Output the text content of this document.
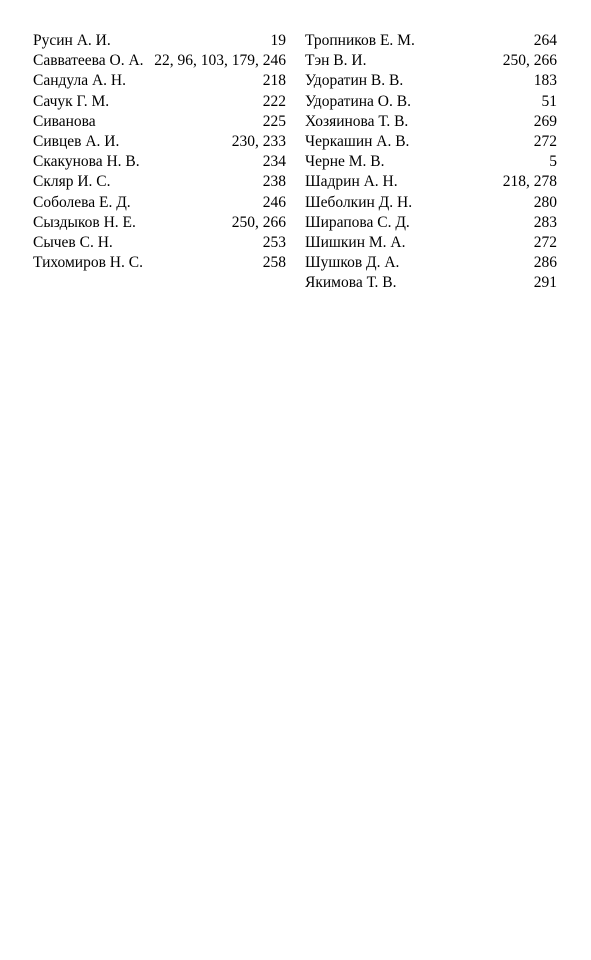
Русин А. И.	19
Савватеева О. А. 22, 96, 103, 179, 246
Сандула А. Н.	218
Сачук Г. М.	222
Сиванова	225
Сивцев А. И.	230, 233
Скакунова Н. В.	234
Скляр И. С.	238
Соболева Е. Д.	246
Сыздыков Н. Е.	250, 266
Сычев С. Н.	253
Тихомиров Н. С.	258
Тропников Е. М.	264
Тэн В. И.	250, 266
Удоратин В. В.	183
Удоратина О. В.	51
Хозяинова Т. В.	269
Черкашин А. В.	272
Черне М. В.	5
Шадрин А. Н.	218, 278
Шеболкин Д. Н.	280
Ширапова С. Д.	283
Шишкин М. А.	272
Шушков Д. А.	286
Якимова Т. В.	291
